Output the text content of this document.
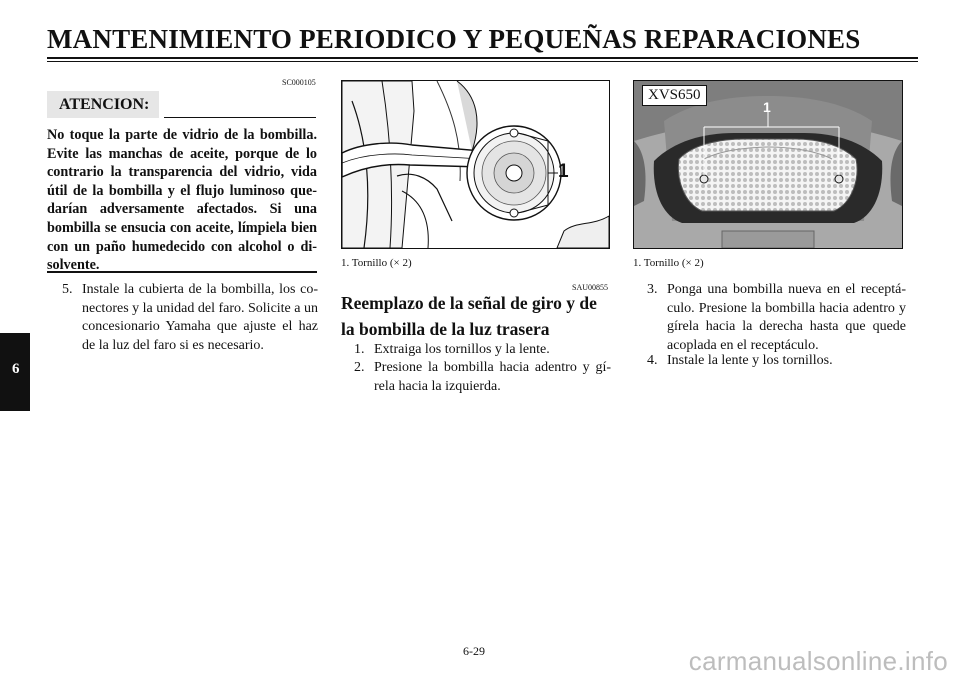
MANTENIMIENTO PERIODICO Y PEQUEÑAS REPARACIONES
6
SC000105
ATENCION:
No toque la parte de vidrio de la bombilla. Evite las manchas de aceite, porque de lo contrario la transparencia del vidrio, vida útil de la bombilla y el flujo luminoso que-darían adversamente afectados. Si una bombilla se ensucia con aceite, límpiela bien con un paño humedecido con alcohol o di-solvente.
5. Instale la cubierta de la bombilla, los co-nectores y la unidad del faro. Solicite a un concesionario Yamaha que ajuste el haz de la luz del faro si es necesario.
1
1. Tornillo (× 2)
SAU00855
Reemplazo de la señal de giro y de la bombilla de la luz trasera
1. Extraiga los tornillos y la lente.
2. Presione la bombilla hacia adentro y gí-rela hacia la izquierda.
XVS650
1
1. Tornillo (× 2)
3. Ponga una bombilla nueva en el receptá-culo. Presione la bombilla hacia adentro y gírela hacia la derecha hasta que quede acoplada en el receptáculo.
4. Instale la lente y los tornillos.
6-29	carmanualsonline.info
